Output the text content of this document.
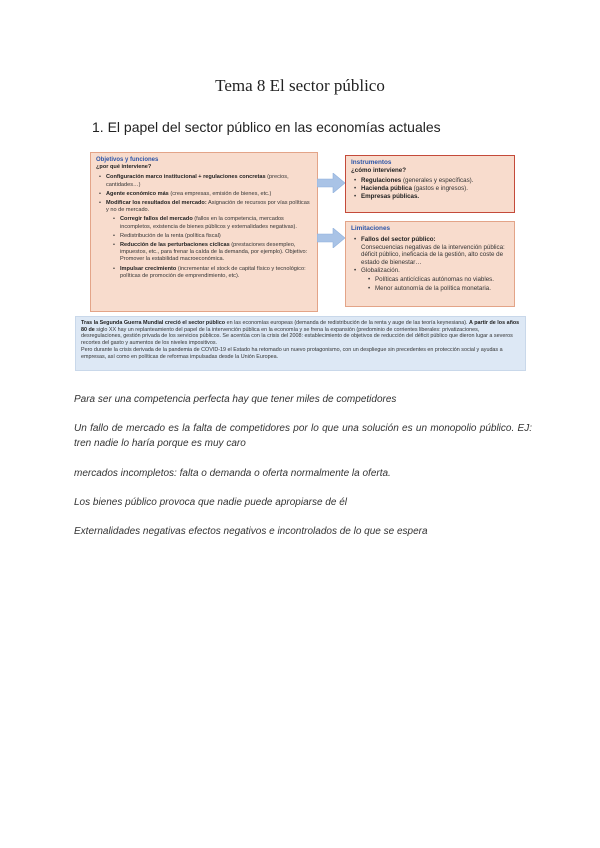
Tema 8 El sector público
1. El papel del sector público en las economías actuales
Objetivos y funciones
¿por qué interviene?
• Configuración marco institucional + regulaciones concretas (precios, cantidades…)
• Agente económico más (crea empresas, emisión de bienes, etc.)
• Modificar los resultados del mercado: Asignación de recursos por vías políticas y no de mercado.
• Corregir fallos del mercado (fallos en la competencia, mercados incompletos, existencia de bienes públicos y externalidades negativas).
• Redistribución de la renta (política fiscal)
• Reducción de las perturbaciones cíclicas (prestaciones desempleo, impuestos, etc., para frenar la caída de la demanda, por ejemplo). Objetivo: Promover la estabilidad macroeconómica.
• Impulsar crecimiento (incrementar el stock de capital físico y tecnológico: políticas de promoción de emprendimiento, etc).
Instrumentos
¿cómo interviene?
• Regulaciones (generales y específicas).
• Hacienda pública (gastos e ingresos).
• Empresas públicas.
Limitaciones
• Fallos del sector público:
Consecuencias negativas de la intervención pública: déficit público, ineficacia de la gestión, alto coste de estado de bienestar…
• Globalización.
• Políticas anticíclicas autónomas no viables.
• Menor autonomía de la política monetaria.
Tras la Segunda Guerra Mundial creció el sector público en las economías europeas (demanda de redistribución de la renta y auge de las teoría keynesiana). A partir de los años 80 de siglo XX hay un replanteamiento del papel de la intervención pública en la economía y se frena la expansión (predominio de corrientes liberales: privatizaciones, desregulaciones, gestión privada de los servicios públicos. Se acentúa con la crisis del 2008: establecimiento de objetivos de reducción del déficit público que dieron lugar a severos recortes del gasto y aumentos de los niveles impositivos.
Pero durante la crisis derivada de la pandemia de COVID-19 el Estado ha retomado un nuevo protagonismo, con un despliegue sin precedentes en protección social y ayudas a empresas, así como en políticas de reformas impulsadas desde la Unión Europea.
Para ser una competencia perfecta hay que tener miles de competidores
Un fallo de mercado es la falta de competidores por lo que una solución es un monopolio público. EJ: tren nadie lo haría porque es muy caro
mercados incompletos: falta o demanda o oferta normalmente la oferta.
Los bienes público provoca que nadie puede apropiarse de él
Externalidades negativas efectos negativos e incontrolados de lo que se espera
